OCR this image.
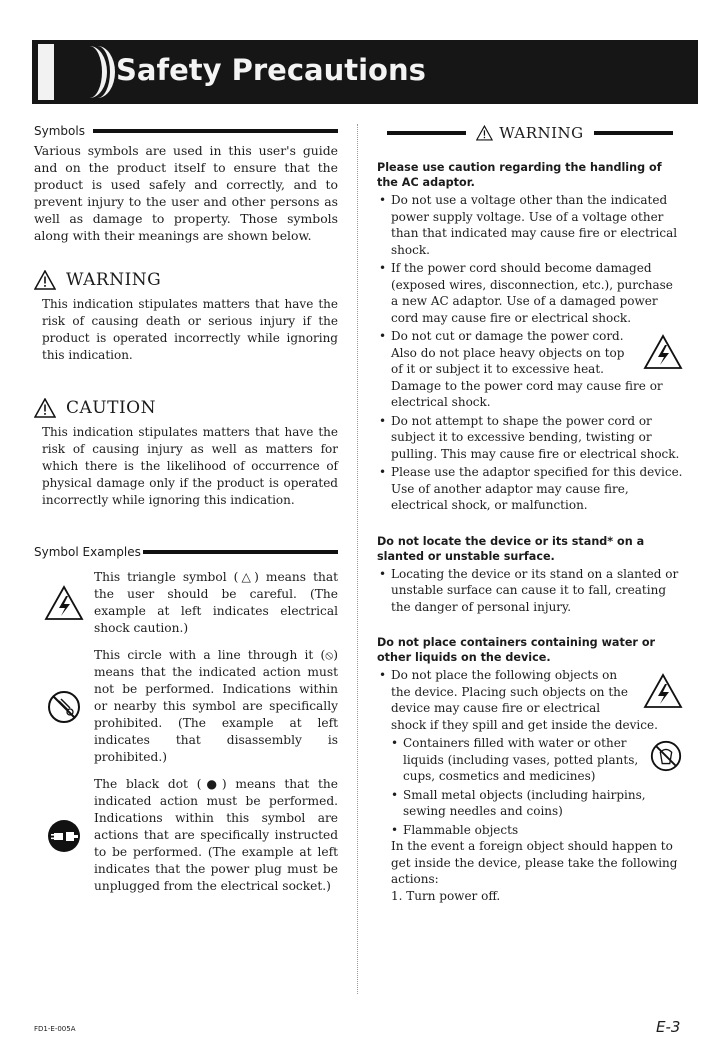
Safety Precautions
Symbols

Various symbols are used in this user's guide and on the product itself to ensure that the product is used safely and correctly, and to prevent injury to the user and other persons as well as damage to property. Those symbols along with their meanings are shown below.

WARNING
This indication stipulates matters that have the risk of causing death or serious injury if the product is operated incorrectly while ignoring this indication.
CAUTION
This indication stipulates matters that have the risk of causing injury as well as matters for which there is the likelihood of occurrence of physical damage only if the product is operated incorrectly while ignoring this indication.
Symbol Examples
This triangle symbol (△) means that the user should be careful. (The example at left indicates electrical shock caution.)
This circle with a line through it (⦸) means that the indicated action must not be performed. Indications within or nearby this symbol are specifically prohibited. (The example at left indicates that disassembly is prohibited.)
The black dot (●) means that the indicated action must be performed. Indications within this symbol are actions that are specifically instructed to be performed. (The example at left indicates that the power plug must be unplugged from the electrical socket.)
WARNING
Please use caution regarding the handling of the AC adaptor.
• Do not use a voltage other than the indicated power supply voltage. Use of a voltage other than that indicated may cause fire or electrical shock.
• If the power cord should become damaged (exposed wires, disconnection, etc.), purchase a new AC adaptor. Use of a damaged power cord may cause fire or electrical shock.
• Do not cut or damage the power cord. Also do not place heavy objects on top of it or subject it to excessive heat. Damage to the power cord may cause fire or electrical shock.
• Do not attempt to shape the power cord or subject it to excessive bending, twisting or pulling. This may cause fire or electrical shock.
• Please use the adaptor specified for this device. Use of another adaptor may cause fire, electrical shock, or malfunction.
Do not locate the device or its stand* on a slanted or unstable surface.
• Locating the device or its stand on a slanted or unstable surface can cause it to fall, creating the danger of personal injury.
Do not place containers containing water or other liquids on the device.
• Do not place the following objects on the device. Placing such objects on the device may cause fire or electrical shock if they spill and get inside the device.
• Containers filled with water or other liquids (including vases, potted plants, cups, cosmetics and medicines)
• Small metal objects (including hairpins, sewing needles and coins)
• Flammable objects
In the event a foreign object should happen to get inside the device, please take the following actions:
1. Turn power off.
FD1-E-005A	E-3
